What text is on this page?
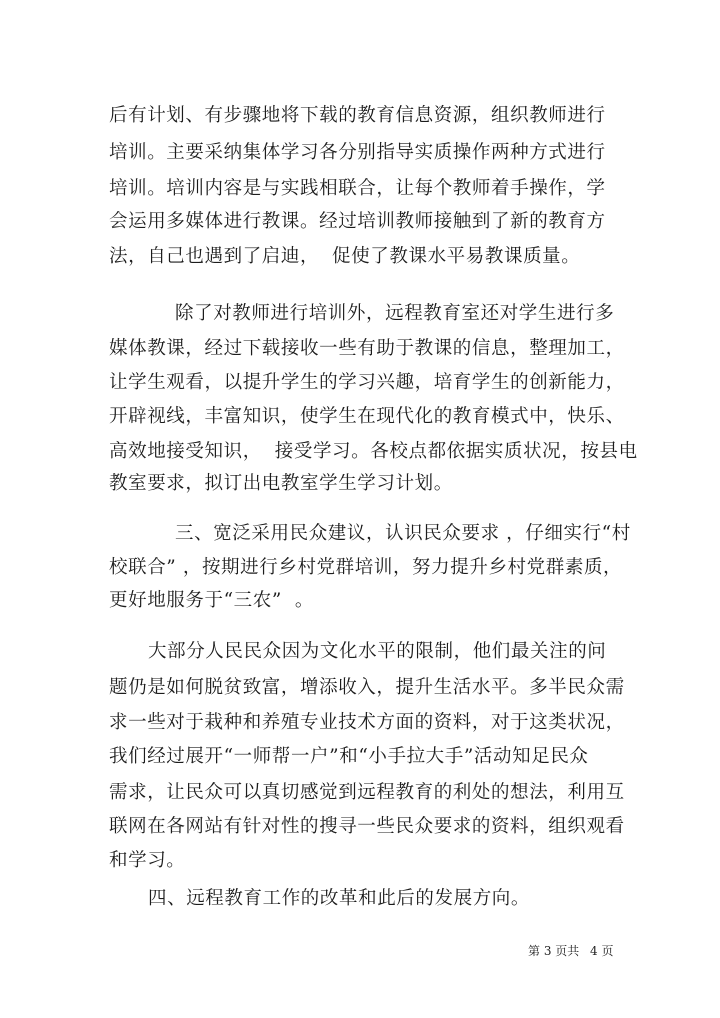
后有计划、有步骤地将下载的教育信息资源，组织教师进行
培训。主要采纳集体学习各分别指导实质操作两种方式进行
培训。培训内容是与实践相联合，让每个教师着手操作，学
会运用多媒体进行教课。经过培训教师接触到了新的教育方
法，自己也遇到了启迪，  促使了教课水平易教课质量。
除了对教师进行培训外，远程教育室还对学生进行多
媒体教课，经过下载接收一些有助于教课的信息，整理加工，
让学生观看，以提升学生的学习兴趣，培育学生的创新能力，
开辟视线，丰富知识，使学生在现代化的教育模式中，快乐、
高效地接受知识，  接受学习。各校点都依据实质状况，按县电
教室要求，拟订出电教室学生学习计划。
三、宽泛采用民众建议，认识民众要求 ，仔细实行“村
校联合” ，按期进行乡村党群培训，努力提升乡村党群素质，
更好地服务于“三农”  。
大部分人民民众因为文化水平的限制，他们最关注的问
题仍是如何脱贫致富，增添收入，提升生活水平。多半民众需
求一些对于栽种和养殖专业技术方面的资料，对于这类状况，
我们经过展开“一师帮一户”和“小手拉大手”活动知足民众
需求，让民众可以真切感觉到远程教育的利处的想法，利用互
联网在各网站有针对性的搜寻一些民众要求的资料，组织观看
和学习。
四、远程教育工作的改革和此后的发展方向。
第 3 页共 4 页
